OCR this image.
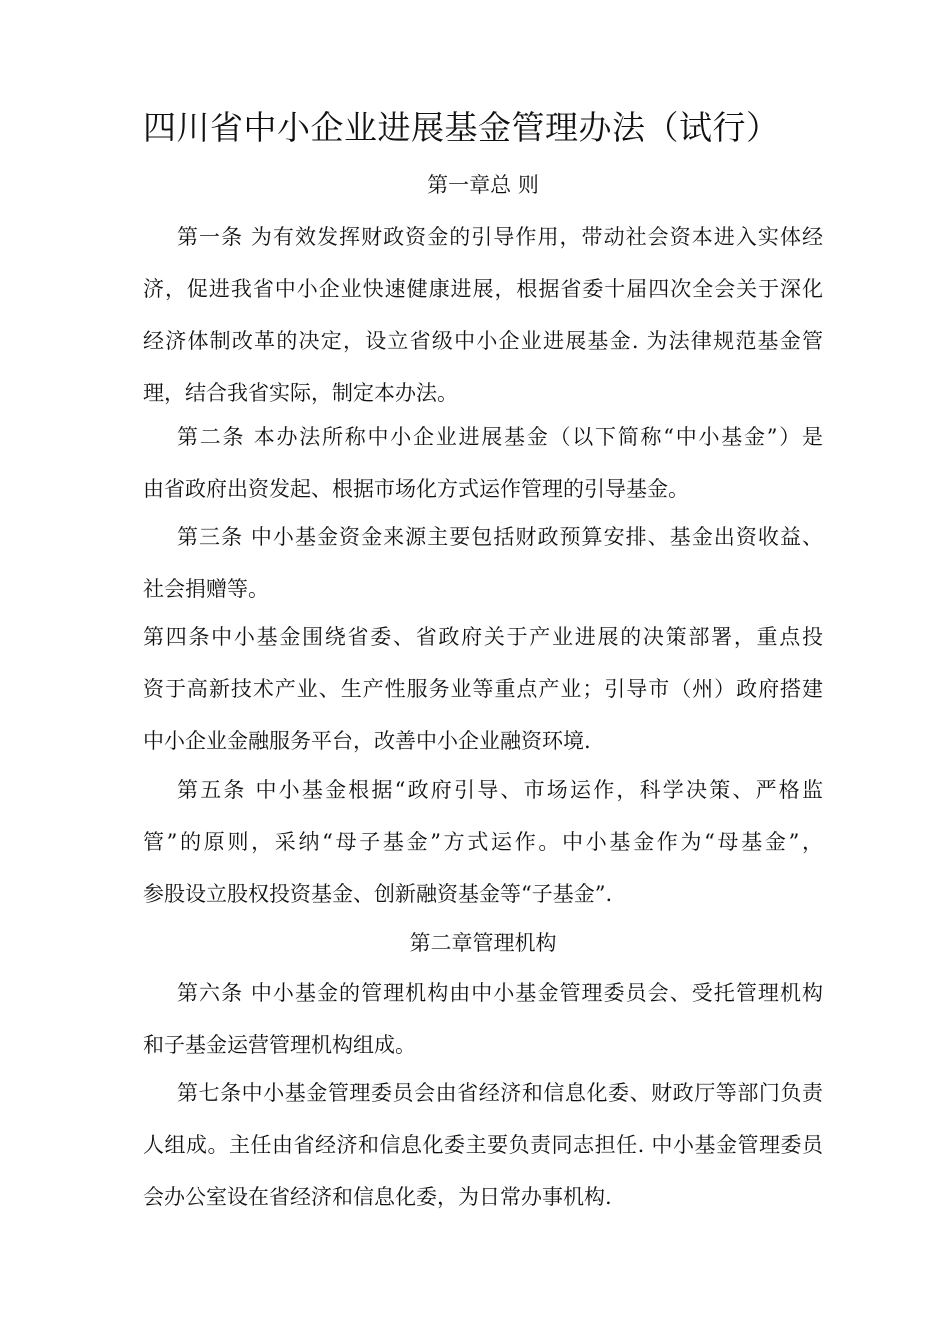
四川省中小企业进展基金管理办法（试行）
第一章总 则
第一条 为有效发挥财政资金的引导作用，带动社会资本进入实体经
济，促进我省中小企业快速健康进展，根据省委十届四次全会关于深化
经济体制改革的决定，设立省级中小企业进展基金. 为法律规范基金管
理，结合我省实际，制定本办法。
第二条 本办法所称中小企业进展基金（以下简称“中小基金”）是
由省政府出资发起、根据市场化方式运作管理的引导基金。
第三条 中小基金资金来源主要包括财政预算安排、基金出资收益、
社会捐赠等。
第四条中小基金围绕省委、省政府关于产业进展的决策部署，重点投
资于高新技术产业、生产性服务业等重点产业；引导市（州）政府搭建
中小企业金融服务平台，改善中小企业融资环境.
第五条 中小基金根据“政府引导、市场运作，科学决策、严格监
管”的原则，采纳“母子基金”方式运作。中小基金作为“母基金”，
参股设立股权投资基金、创新融资基金等“子基金”.
第二章管理机构
第六条 中小基金的管理机构由中小基金管理委员会、受托管理机构
和子基金运营管理机构组成。
第七条中小基金管理委员会由省经济和信息化委、财政厅等部门负责
人组成。主任由省经济和信息化委主要负责同志担任. 中小基金管理委员
会办公室设在省经济和信息化委，为日常办事机构.
